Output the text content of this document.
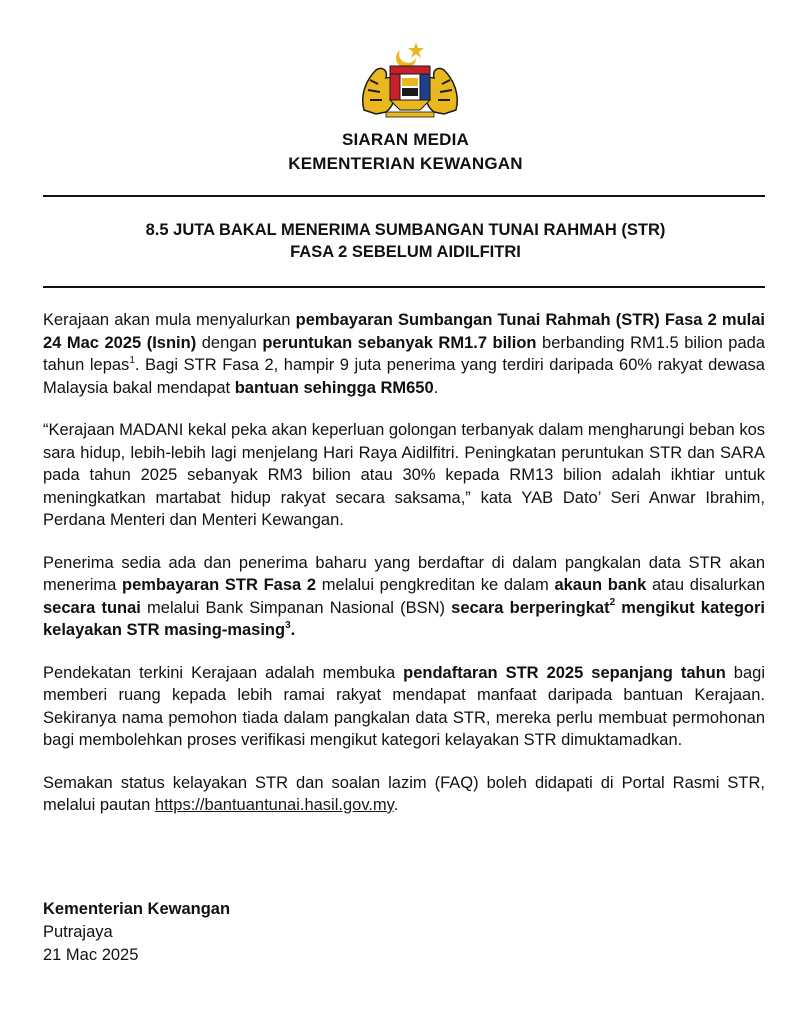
SIARAN MEDIA
KEMENTERIAN KEWANGAN
8.5 JUTA BAKAL MENERIMA SUMBANGAN TUNAI RAHMAH (STR)
FASA 2 SEBELUM AIDILFITRI

Kerajaan akan mula menyalurkan pembayaran Sumbangan Tunai Rahmah (STR) Fasa 2 mulai 24 Mac 2025 (Isnin) dengan peruntukan sebanyak RM1.7 bilion berbanding RM1.5 bilion pada tahun lepas$^1$. Bagi STR Fasa 2, hampir 9 juta penerima yang terdiri daripada 60% rakyat dewasa Malaysia bakal mendapat bantuan sehingga RM650.

“Kerajaan MADANI kekal peka akan keperluan golongan terbanyak dalam mengharungi beban kos sara hidup, lebih-lebih lagi menjelang Hari Raya Aidilfitri. Peningkatan peruntukan STR dan SARA pada tahun 2025 sebanyak RM3 bilion atau 30% kepada RM13 bilion adalah ikhtiar untuk meningkatkan martabat hidup rakyat secara saksama,” kata YAB Dato’ Seri Anwar Ibrahim, Perdana Menteri dan Menteri Kewangan.

Penerima sedia ada dan penerima baharu yang berdaftar di dalam pangkalan data STR akan menerima pembayaran STR Fasa 2 melalui pengkreditan ke dalam akaun bank atau disalurkan secara tunai melalui Bank Simpanan Nasional (BSN) secara berperingkat$^2$ mengikut kategori kelayakan STR masing-masing$^3$.

Pendekatan terkini Kerajaan adalah membuka pendaftaran STR 2025 sepanjang tahun bagi memberi ruang kepada lebih ramai rakyat mendapat manfaat daripada bantuan Kerajaan. Sekiranya nama pemohon tiada dalam pangkalan data STR, mereka perlu membuat permohonan bagi membolehkan proses verifikasi mengikut kategori kelayakan STR dimuktamadkan.

Semakan status kelayakan STR dan soalan lazim (FAQ) boleh didapati di Portal Rasmi STR, melalui pautan https://bantuantunai.hasil.gov.my.

Kementerian Kewangan
Putrajaya
21 Mac 2025
